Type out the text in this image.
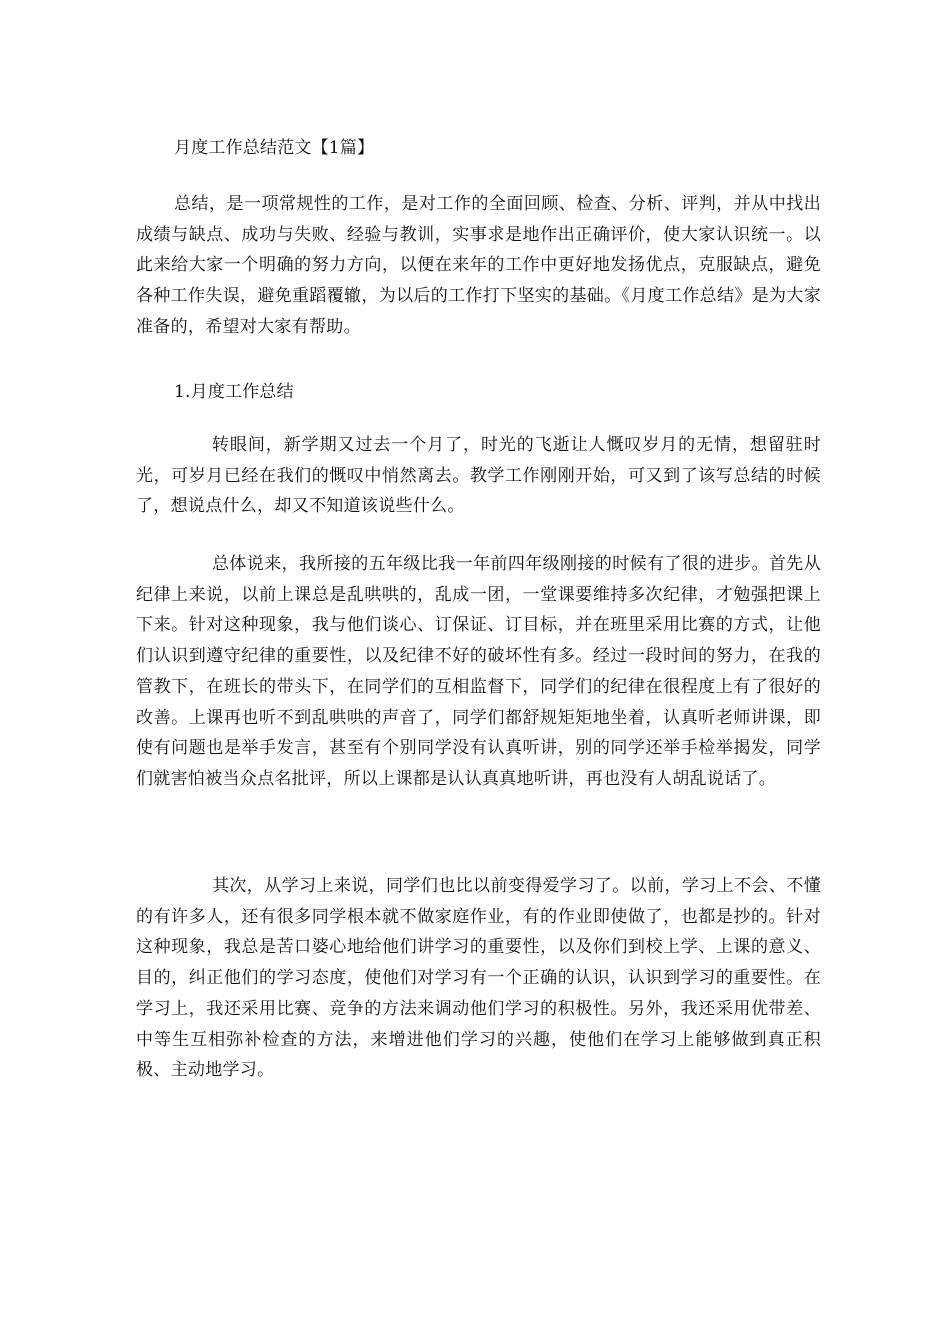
月度工作总结范文【1篇】

总结，是一项常规性的工作，是对工作的全面回顾、检查、分析、评判，并从中找出成绩与缺点、成功与失败、经验与教训，实事求是地作出正确评价，使大家认识统一。以此来给大家一个明确的努力方向，以便在来年的工作中更好地发扬优点，克服缺点，避免各种工作失误，避免重蹈覆辙，为以后的工作打下坚实的基础。《月度工作总结》是为大家准备的，希望对大家有帮助。

1.月度工作总结

转眼间，新学期又过去一个月了，时光的飞逝让人慨叹岁月的无情，想留驻时光，可岁月已经在我们的慨叹中悄然离去。教学工作刚刚开始，可又到了该写总结的时候了，想说点什么，却又不知道该说些什么。

总体说来，我所接的五年级比我一年前四年级刚接的时候有了很的进步。首先从纪律上来说，以前上课总是乱哄哄的，乱成一团，一堂课要维持多次纪律，才勉强把课上下来。针对这种现象，我与他们谈心、订保证、订目标，并在班里采用比赛的方式，让他们认识到遵守纪律的重要性，以及纪律不好的破坏性有多。经过一段时间的努力，在我的管教下，在班长的带头下，在同学们的互相监督下，同学们的纪律在很程度上有了很好的改善。上课再也听不到乱哄哄的声音了，同学们都舒规矩矩地坐着，认真听老师讲课，即使有问题也是举手发言，甚至有个别同学没有认真听讲，别的同学还举手检举揭发，同学们就害怕被当众点名批评，所以上课都是认认真真地听讲，再也没有人胡乱说话了。

其次，从学习上来说，同学们也比以前变得爱学习了。以前，学习上不会、不懂的有许多人，还有很多同学根本就不做家庭作业，有的作业即使做了，也都是抄的。针对这种现象，我总是苦口婆心地给他们讲学习的重要性，以及你们到校上学、上课的意义、目的，纠正他们的学习态度，使他们对学习有一个正确的认识，认识到学习的重要性。在学习上，我还采用比赛、竞争的方法来调动他们学习的积极性。另外，我还采用优带差、中等生互相弥补检查的方法，来增进他们学习的兴趣，使他们在学习上能够做到真正积极、主动地学习。
